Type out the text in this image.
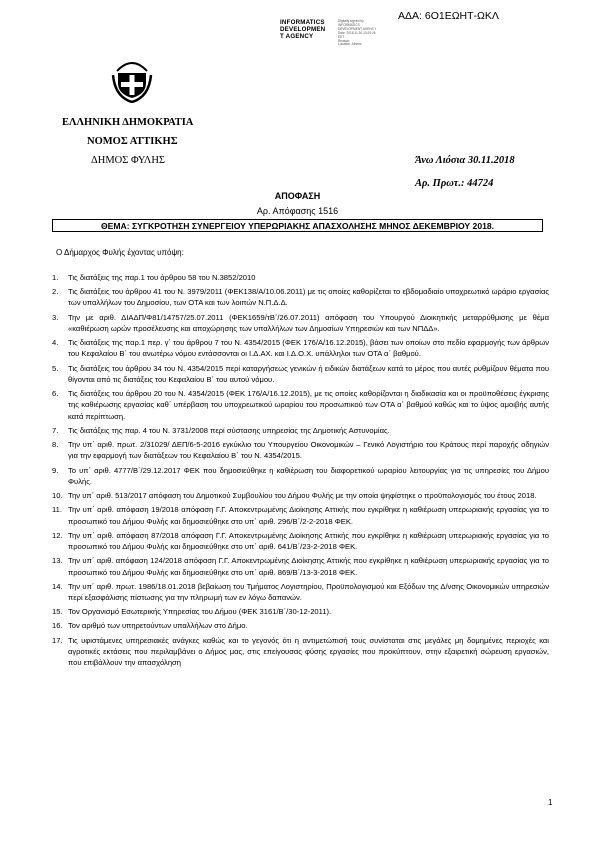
ΑΔΑ: 6Ο1ΕΩΗΤ-ΩΚΛ
INFORMATICS
DEVELOPMEN
T AGENCY
Digitally signed by
INFORMATICS
DEVELOPMENT AGENCY
Date: 2018.11.30 13:29:26
EET
Reason:
Location: Athens
ΕΛΛΗΝΙΚΗ ΔΗΜΟΚΡΑΤΙΑ
ΝΟΜΟΣ ΑΤΤΙΚΗΣ
ΔΗΜΟΣ ΦΥΛΗΣ	Άνω Λιόσια 30.11.2018
Αρ. Πρωτ.: 44724
ΑΠΟΦΑΣΗ
Αρ. Απόφασης 1516
ΘΕΜΑ: ΣΥΓΚΡΟΤΗΣΗ ΣΥΝΕΡΓΕΙΟΥ ΥΠΕΡΩΡΙΑΚΗΣ ΑΠΑΣΧΟΛΗΣΗΣ ΜΗΝΟΣ ΔΕΚΕΜΒΡΙΟΥ 2018.
Ο Δήμαρχος Φυλής έχοντας υπόψη:
1.	Τις διατάξεις της παρ.1 του άρθρου 58 του Ν.3852/2010
2.	Τις διατάξεις του άρθρου 41 του Ν. 3979/2011 (ΦΕΚ138/Α/10.06.2011) με τις οποίες καθορίζεται το εβδομαδιαίο υποχρεωτικό ωράριο εργασίας των υπαλλήλων του Δημοσίου, των ΟΤΑ και των λοιπών Ν.Π.Δ.Δ.
3.	Την με αριθ. ΔΙΑΔΠ/Φ81/14757/25.07.2011 (ΦΕΚ1659/τΒ΄/26.07.2011) απόφαση του Υπουργού Διοικητικής μεταρρύθμισης με θέμα «καθιέρωση ωρών προσέλευσης και αποχώρησης των υπαλλήλων των Δημοσίων Υπηρεσιών και των ΝΠΔΔ».
4.	Τις διατάξεις της παρ.1 περ. γ΄ του άρθρου 7 του Ν. 4354/2015 (ΦΕΚ 176/Α/16.12.2015), βάσει των οποίων στο πεδίο εφαρμογής των άρθρων του Κεφαλαίου Β΄ του ανωτέρω νόμου εντάσσονται οι Ι.Δ.ΑΧ. και Ι.Δ.Ο.Χ. υπάλληλοι των ΟΤΑ α΄ βαθμού.
5.	Τις διατάξεις του άρθρου 34 του Ν. 4354/2015 περί καταργήσεως γενικών ή ειδικών διατάξεων κατά το μέρος που αυτές ρυθμίζουν θέματα που θίγονται από τις διατάξεις του Κεφαλαίου Β΄ του αυτού νόμου.
6.	Τις διατάξεις του άρθρου 20 του Ν. 4354/2015 (ΦΕΚ 176/Α/16.12.2015), με τις οποίες καθορίζονται η διαδικασία και οι προϋποθέσεις έγκρισης της καθιέρωσης εργασίας καθ΄ υπέρβαση του υποχρεωτικού ωραρίου του προσωπικού των ΟΤΑ α΄ βαθμού καθώς και το ύψος αμοιβής αυτής κατά περίπτωση.
7.	Τις διατάξεις της παρ. 4 του Ν. 3731/2008 περί σύστασης υπηρεσίας της Δημοτικής Αστυνομίας.
8.	Την υπ΄ αριθ. πρωτ. 2/31029/ ΔΕΠ/6-5-2016 εγκύκλιο του Υπουργείου Οικονομικών – Γενικό Λογιστήριο του Κράτους περί παροχής οδηγιών για την εφαρμογή των διατάξεων του Κεφαλαίου Β΄ του Ν. 4354/2015.
9.	Το υπ΄ αριθ. 4777/Β΄/29.12.2017 ΦΕΚ που δημοσιεύθηκε η καθιέρωση του διαφορετικού ωραρίου λειτουργίας για τις υπηρεσίες του Δήμου Φυλής.
10. Την υπ΄ αριθ. 513/2017 απόφαση του Δημοτικού Συμβουλίου του Δήμου Φυλής με την οποία ψηφίστηκε ο προϋπολογισμός του έτους 2018.
11. Την υπ΄ αριθ. απόφαση 19/2018 απόφαση Γ.Γ. Αποκεντρωμένης Διοίκησης Αττικής που εγκρίθηκε η καθιέρωση υπερωριακής εργασίας για το προσωπικό του Δήμου Φυλής και δημοσιεύθηκε στο υπ΄ αριθ. 296/Β΄/2-2-2018 ΦΕΚ.
12. Την υπ΄ αριθ. απόφαση 87/2018 απόφαση Γ.Γ. Αποκεντρωμένης Διοίκησης Αττικής που εγκρίθηκε η καθιέρωση υπερωριακής εργασίας για το προσωπικό του Δήμου Φυλής και δημοσιεύθηκε στο υπ΄ αριθ. 641/Β΄/23-2-2018 ΦΕΚ.
13. Την υπ΄ αριθ. απόφαση 124/2018 απόφαση Γ.Γ. Αποκεντρωμένης Διοίκησης Αττικής που εγκρίθηκε η καθιέρωση υπερωριακής εργασίας για το προσωπικό του Δήμου Φυλής και δημοσιεύθηκε στο υπ΄ αριθ. 869/Β΄/13-3-2018 ΦΕΚ.
14. Την υπ΄ αριθ. πρωτ. 1986/18.01.2018 βεβαίωση του Τμήματος Λογιστηρίου, Προϋπολογισμού και Εξόδων της Δ/νσης Οικονομικών υπηρεσιών περί εξασφάλισης πίστωσης για την πληρωμή των εν λόγω δαπανών.
15. Τον Οργανισμό Εσωτερικής Υπηρεσίας του Δήμου (ΦΕΚ 3161/Β΄/30-12-2011).
16. Τον αριθμό των υπηρετούντων υπαλλήλων στο Δήμο.
17. Τις υφιστάμενες υπηρεσιακές ανάγκες καθώς και το γεγονός ότι η αντιμετώπισή τους συνίσταται στις μεγάλες μη δομημένες περιοχές και αγροτικές εκτάσεις που περιλαμβάνει ο Δήμος μας, στις επείγουσας φύσης εργασίες που προκύπτουν, στην εξαιρετική σώρευση εργασιών, που επιβάλλουν την απασχόληση
1
